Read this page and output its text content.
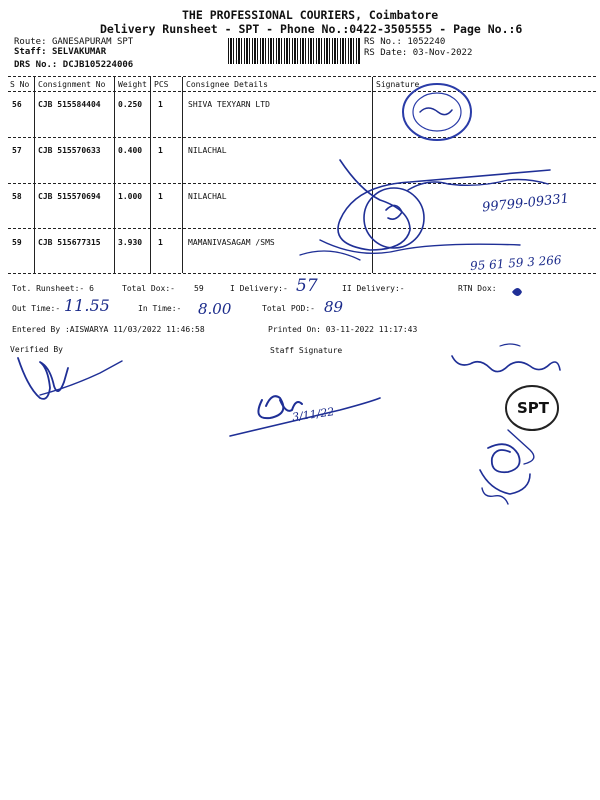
THE PROFESSIONAL COURIERS, Coimbatore
Delivery Runsheet - SPT - Phone No.:0422-3505555 - Page No.:6
Route: GANESAPURAM SPT
Staff: SELVAKUMAR
DRS No.: DCJB105224006
RS No.: 1052240
RS Date: 03-Nov-2022
S No Consignment No Weight PCS Consignee Details	Signature
56 CJB 515584404 0.250 1	SHIVA TEXYARN LTD
57 CJB 515570633 0.400 1	NILACHAL
58 CJB 515570694 1.000 1	NILACHAL
59 CJB 515677315 3.930 1	MAMANIVASAGAM /SMS
Tot. Runsheet:- 6	Total Dox:- 59	I Delivery:- 57	II Delivery:-	RTN Dox:
Out Time:- 11.55	In Time:- 8.00	Total POD:- 89
Entered By :AISWARYA 11/03/2022 11:46:58	Printed On: 03-11-2022 11:17:43
Verified By	Staff Signature
99799-09331
95 61 59 3 266
3/11/22	SPT
